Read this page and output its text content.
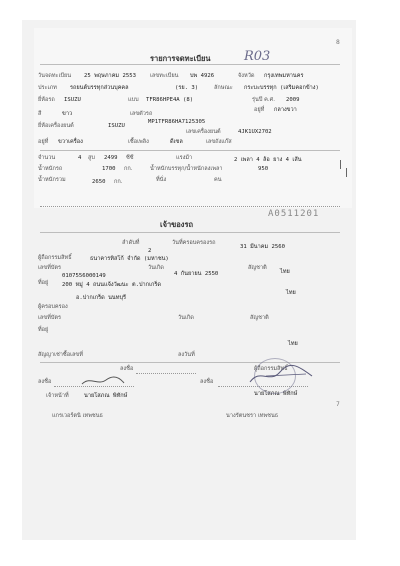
8
รายการจดทะเบียน	R03
วันจดทะเบียน 25 พฤษภาคม 2553	เลขทะเบียน บพ 4926	จังหวัด กรุงเทพมหานคร
ประเภท รถยนต์บรรทุกส่วนบุคคล	(รย. 3)	ลักษณะ กระบะบรรทุก (เสริมคอกข้าง)
ยี่ห้อรถ ISUZU	แบบ TFR86HPE4A (8)	รุ่นปี ค.ศ. 2009
สี	ขาว	เลขตัวรถ
MP1TFR86HA7125305
อยู่ที่ กลางขวา
ยี่ห้อเครื่องยนต์	ISUZU
เลขเครื่องยนต์	4JK1UX2702
อยู่ที่ ขวาเครื่อง	เชื้อเพลิง	ดีเซล	เลขถังแก๊ส
จำนวน	4 สูบ 2499 ซีซี	แรงม้า	2 เพลา 4 ล้อ ยาง 4 เส้น
น้ำหนักรถ	1700 กก.	น้ำหนักบรรทุก/น้ำหนักลงเพลา	950
น้ำหนักรวม	2650 กก.	ที่นั่ง	คน
A0511201
เจ้าของรถ
ลำดับที่
2
วันที่ครอบครองรถ
31 มีนาคม 2560
ผู้ถือกรรมสิทธิ์	ธนาคารทิสโก้ จำกัด (มหาชน)
เลขที่บัตร
0107556000149
วันเกิด
4 กันยายน 2550
สัญชาติ
ไทย
ที่อยู่ 200 หมู่ 4 ถนนแจ้งวัฒนะ ต.ปากเกร็ด
อ.ปากเกร็ด นนทบุรี
ไทย
ผู้ครอบครอง
เลขที่บัตร	วันเกิด	สัญชาติ
ที่อยู่
ไทย
สัญญาเช่าซื้อเลขที่	ลงวันที่
ลงชื่อ	ผู้ถือกรรมสิทธิ์
ลงชื่อ	ลงชื่อ
เจ้าหน้าที่	นายโสภณ พิทักษ์	นายโสภณ พิทักษ์
แกรเวอร์ตนิ เทพชนธ	นางรัตนชรา เทพชนธ
7
